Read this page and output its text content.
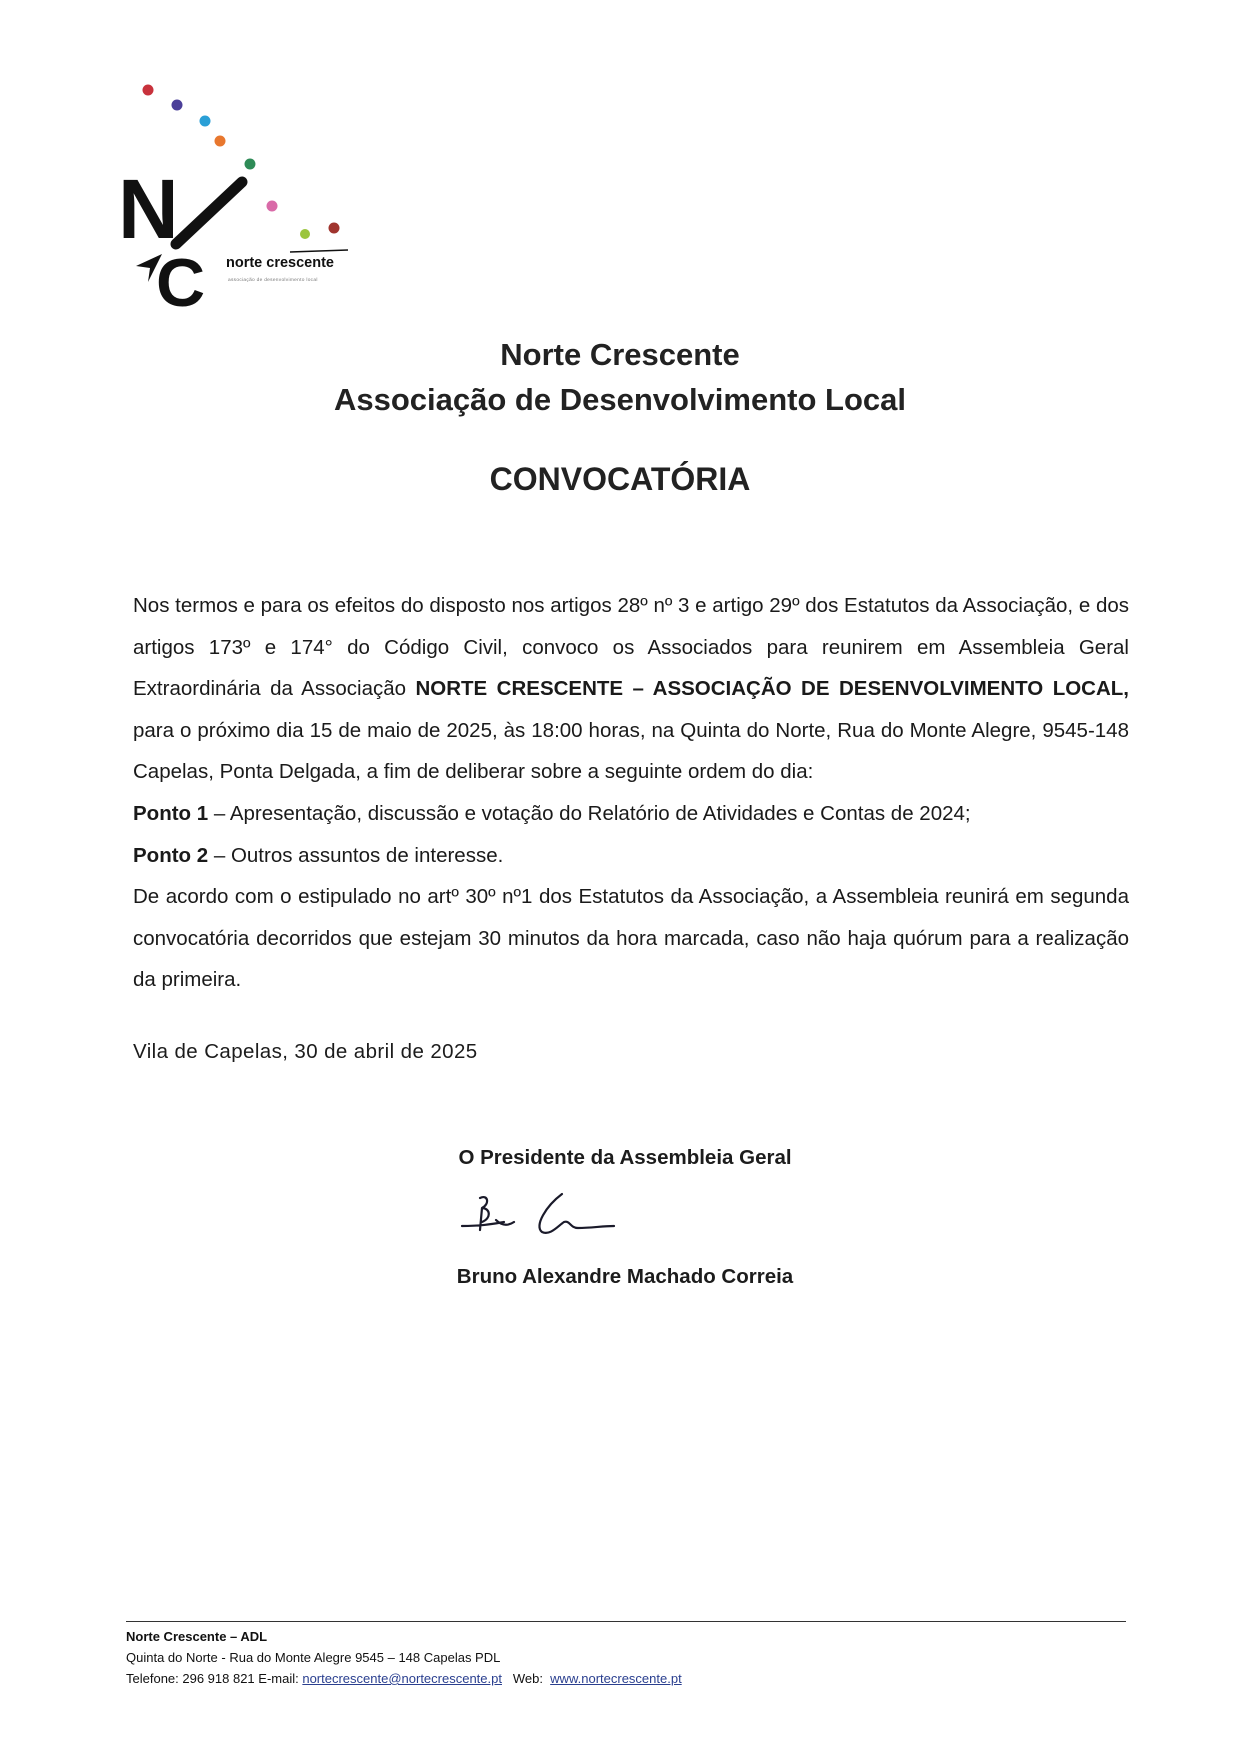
N
C norte crescente
associação de desenvolvimento local
Norte Crescente
Associação de Desenvolvimento Local
CONVOCATÓRIA

Nos termos e para os efeitos do disposto nos artigos 28º nº 3 e artigo 29º dos Estatutos da Associação, e dos artigos 173º e 174° do Código Civil, convoco os Associados para reunirem em Assembleia Geral Extraordinária da Associação NORTE CRESCENTE – ASSOCIAÇÃO DE DESENVOLVIMENTO LOCAL, para o próximo dia 15 de maio de 2025, às 18:00 horas, na Quinta do Norte, Rua do Monte Alegre, 9545-148 Capelas, Ponta Delgada, a fim de deliberar sobre a seguinte ordem do dia:

Ponto 1 – Apresentação, discussão e votação do Relatório de Atividades e Contas de 2024;

Ponto 2 – Outros assuntos de interesse.

De acordo com o estipulado no artº 30º nº1 dos Estatutos da Associação, a Assembleia reunirá em segunda convocatória decorridos que estejam 30 minutos da hora marcada, caso não haja quórum para a realização da primeira.

Vila de Capelas, 30 de abril de 2025
O Presidente da Assembleia Geral
Bruno Alexandre Machado Correia
Norte Crescente – ADL
Quinta do Norte - Rua do Monte Alegre 9545 – 148 Capelas PDL
Telefone: 296 918 821 E-mail: nortecrescente@nortecrescente.pt Web:  www.nortecrescente.pt
